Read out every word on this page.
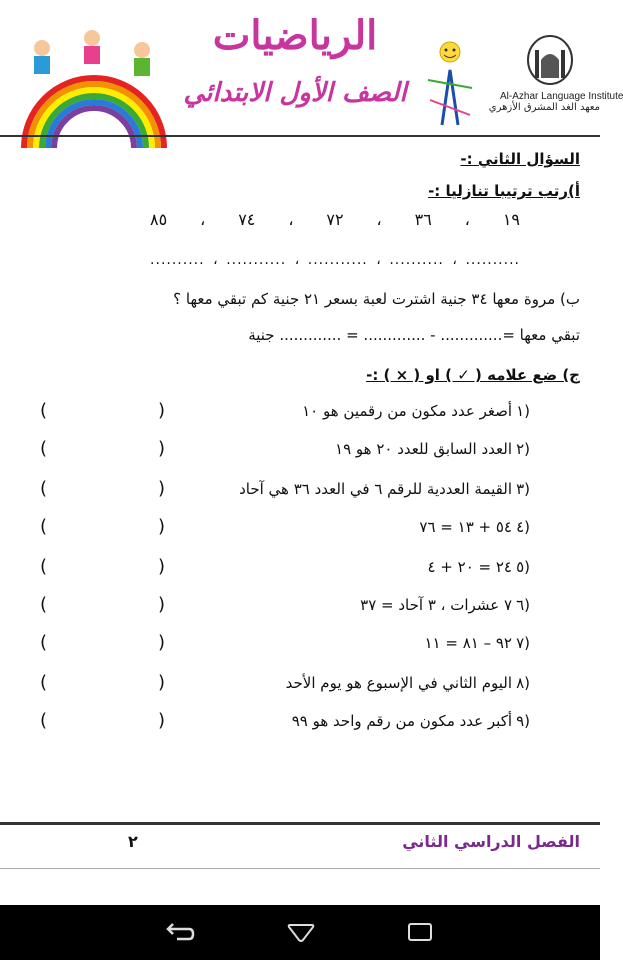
الرياضيات
الصف الأول الابتدائي	Al-Azhar Language Institute
معهد الغد المشرق الأزهري
السؤال الثاني :-
أ)رتب ترتيبا تنازليا :-
١٩
،
٣٦
،
٧٢
،
٧٤
،
٨٥
..........
،
..........
،
...........
،
...........
،
..........
ب) مروة معها ٣٤ جنية اشترت لعبة بسعر ٢١ جنية كم تبقي معها ؟
تبقي معها =............. - ............. = ............. جنية
ج) ضع علامه ( ✓ ) او ( × ) :-
(	)	أصغر عدد مكون من رقمين هو ١٠ ١)
(	)	العدد السابق للعدد ٢٠ هو ١٩ ٢)
(	)	القيمة العددية للرقم ٦ في العدد ٣٦ هي آحاد ٣)
(	)	٥٤ + ١٣ = ٧٦ ٤)
(	)	٢٤ = ٢٠ + ٤ ٥)
(	)	٧ عشرات ، ٣ آحاد = ٣٧ ٦)
(	)	٩٢ – ٨١ = ١١ ٧)
(	)	اليوم الثاني في الإسبوع هو يوم الأحد ٨)
(	)	أكبر عدد مكون من رقم واحد هو ٩٩ ٩)
الفصل الدراسي الثاني
٢
